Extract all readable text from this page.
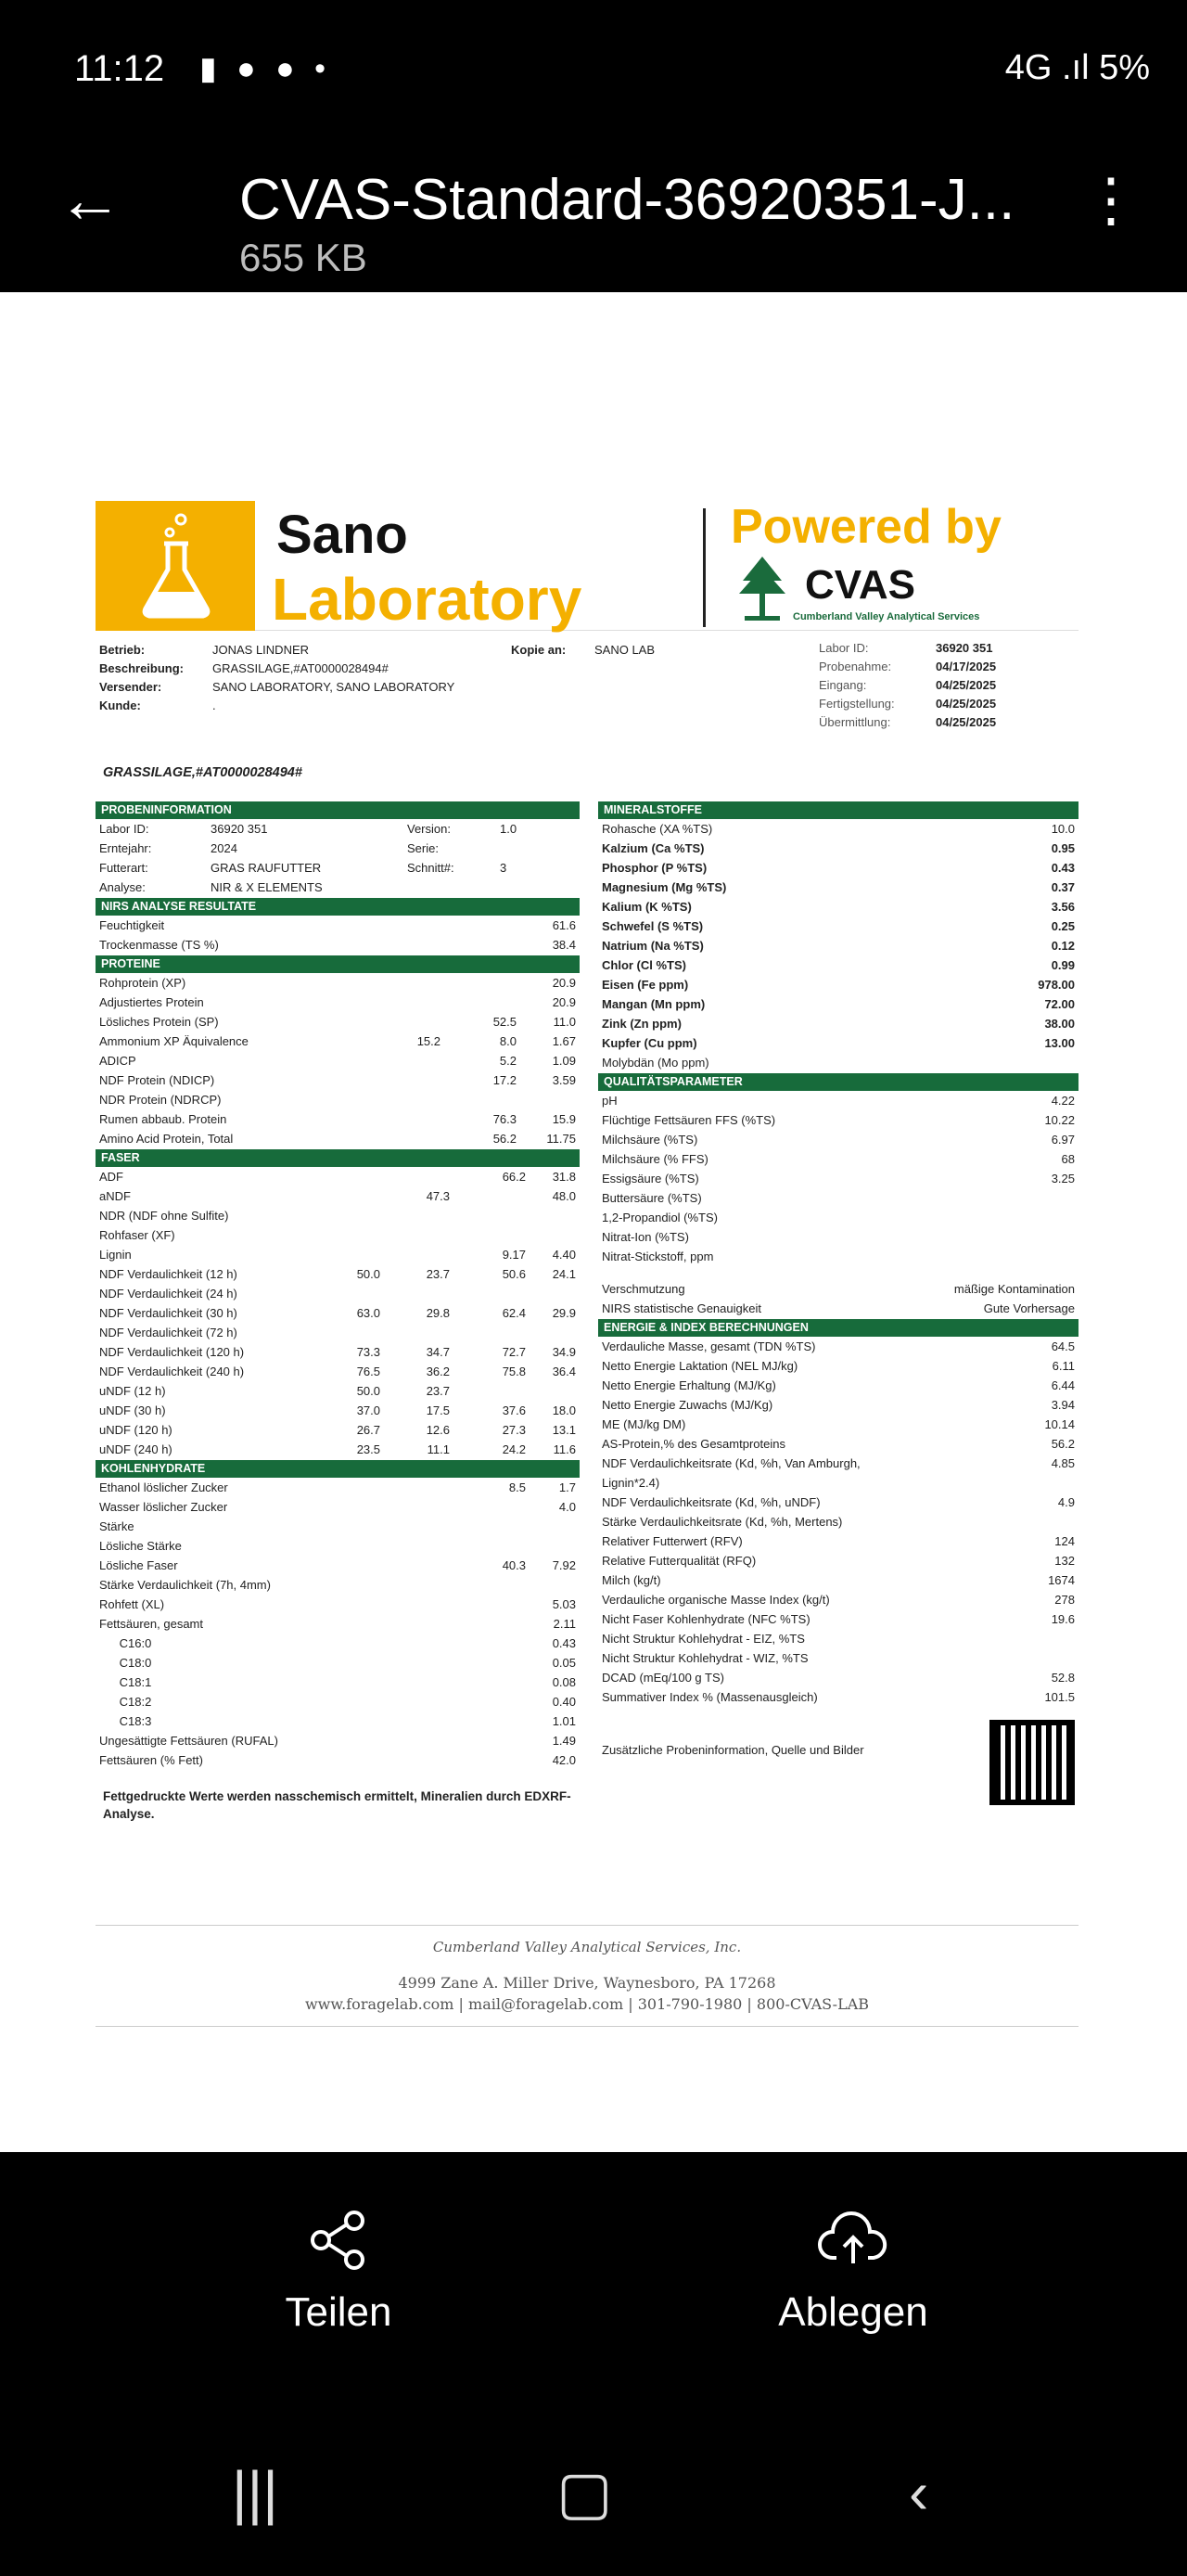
11:12 ▮ ● ● •	4G .ıl 5%
← CVAS-Standard-36920351-J...
655 KB
⋮
Sano
Laboratory
Powered by
CVAS
Cumberland Valley Analytical Services
Betrieb:	JONAS LINDNER	Kopie an: SANO LAB
Beschreibung: GRASSILAGE,#AT0000028494#
Versender:	SANO LABORATORY, SANO LABORATORY
Kunde:	.
Labor ID:	36920 351
Probenahme:	04/17/2025
Eingang:	04/25/2025
Fertigstellung:	04/25/2025
Übermittlung:	04/25/2025
GRASSILAGE,#AT0000028494#
PROBENINFORMATION
Labor ID:	36920 351	Version:	1.0
Erntejahr:	2024	Serie:
Futterart:	GRAS RAUFUTTER	Schnitt#:	3
Analyse:	NIR & X ELEMENTS
NIRS ANALYSE RESULTATE
Feuchtigkeit	61.6
Trockenmasse (TS %)	38.4
PROTEINE
Rohprotein (XP)	20.9
Adjustiertes Protein	20.9
Lösliches Protein (SP)	52.5	11.0
Ammonium XP Äquivalence	15.2	8.0	1.67
ADICP	5.2	1.09
NDF Protein (NDICP)	17.2	3.59
NDR Protein (NDRCP)
Rumen abbaub. Protein	76.3	15.9
Amino Acid Protein, Total	56.2 11.75
FASER
ADF	66.2 31.8
aNDF	47.3	48.0
NDR (NDF ohne Sulfite)
Rohfaser (XF)
Lignin	9.17 4.40
NDF Verdaulichkeit (12 h)	50.0	23.7	50.6 24.1
NDF Verdaulichkeit (24 h)
NDF Verdaulichkeit (30 h)	63.0	29.8	62.4 29.9
NDF Verdaulichkeit (72 h)
NDF Verdaulichkeit (120 h)	73.3	34.7	72.7 34.9
NDF Verdaulichkeit (240 h)	76.5	36.2	75.8 36.4
uNDF (12 h)	50.0	23.7
uNDF (30 h)	37.0	17.5	37.6 18.0
uNDF (120 h)	26.7	12.6	27.3 13.1
uNDF (240 h)	23.5	11.1	24.2 11.6
KOHLENHYDRATE
Ethanol löslicher Zucker	8.5	1.7
Wasser löslicher Zucker	4.0
Stärke
Lösliche Stärke
Lösliche Faser	40.3 7.92
Stärke Verdaulichkeit (7h, 4mm)
Rohfett (XL)	5.03
Fettsäuren, gesamt	2.11
C16:0	0.43
C18:0	0.05
C18:1	0.08
C18:2	0.40
C18:3	1.01
Ungesättigte Fettsäuren (RUFAL)	1.49
Fettsäuren (% Fett)	42.0
Fettgedruckte Werte werden nasschemisch ermittelt, Mineralien durch EDXRF-Analyse.
MINERALSTOFFE
Rohasche (XA %TS)	10.0
Kalzium (Ca %TS)	0.95
Phosphor (P %TS)	0.43
Magnesium (Mg %TS)	0.37
Kalium (K %TS)	3.56
Schwefel (S %TS)	0.25
Natrium (Na %TS)	0.12
Chlor (Cl %TS)	0.99
Eisen (Fe ppm)	978.00
Mangan (Mn ppm)	72.00
Zink (Zn ppm)	38.00
Kupfer (Cu ppm)	13.00
Molybdän (Mo ppm)
QUALITÄTSPARAMETER
pH	4.22
Flüchtige Fettsäuren FFS (%TS)	10.22
Milchsäure (%TS)	6.97
Milchsäure (% FFS)	68
Essigsäure (%TS)	3.25
Buttersäure (%TS)
1,2-Propandiol (%TS)
Nitrat-Ion (%TS)
Nitrat-Stickstoff, ppm
Verschmutzung	mäßige Kontamination
NIRS statistische Genauigkeit	Gute Vorhersage
ENERGIE & INDEX BERECHNUNGEN
Verdauliche Masse, gesamt (TDN %TS)	64.5
Netto Energie Laktation (NEL MJ/kg)	6.11
Netto Energie Erhaltung (MJ/Kg)	6.44
Netto Energie Zuwachs (MJ/Kg)	3.94
ME (MJ/kg DM)	10.14
AS-Protein,% des Gesamtproteins	56.2
NDF Verdaulichkeitsrate (Kd, %h, Van Amburgh,	4.85
Lignin*2.4)
NDF Verdaulichkeitsrate (Kd, %h, uNDF)	4.9
Stärke Verdaulichkeitsrate (Kd, %h, Mertens)
Relativer Futterwert (RFV)	124
Relative Futterqualität (RFQ)	132
Milch (kg/t)	1674
Verdauliche organische Masse Index (kg/t)	278
Nicht Faser Kohlenhydrate (NFC %TS)	19.6
Nicht Struktur Kohlehydrat - EIZ, %TS
Nicht Struktur Kohlehydrat - WIZ, %TS
DCAD (mEq/100 g TS)	52.8
Summativer Index % (Massenausgleich)	101.5
Zusätzliche Probeninformation, Quelle und Bilder
Cumberland Valley Analytical Services, Inc.
4999 Zane A. Miller Drive, Waynesboro, PA 17268
www.foragelab.com | mail@foragelab.com | 301-790-1980 | 800-CVAS-LAB
Teilen	Ablegen
|||	▢	‹
